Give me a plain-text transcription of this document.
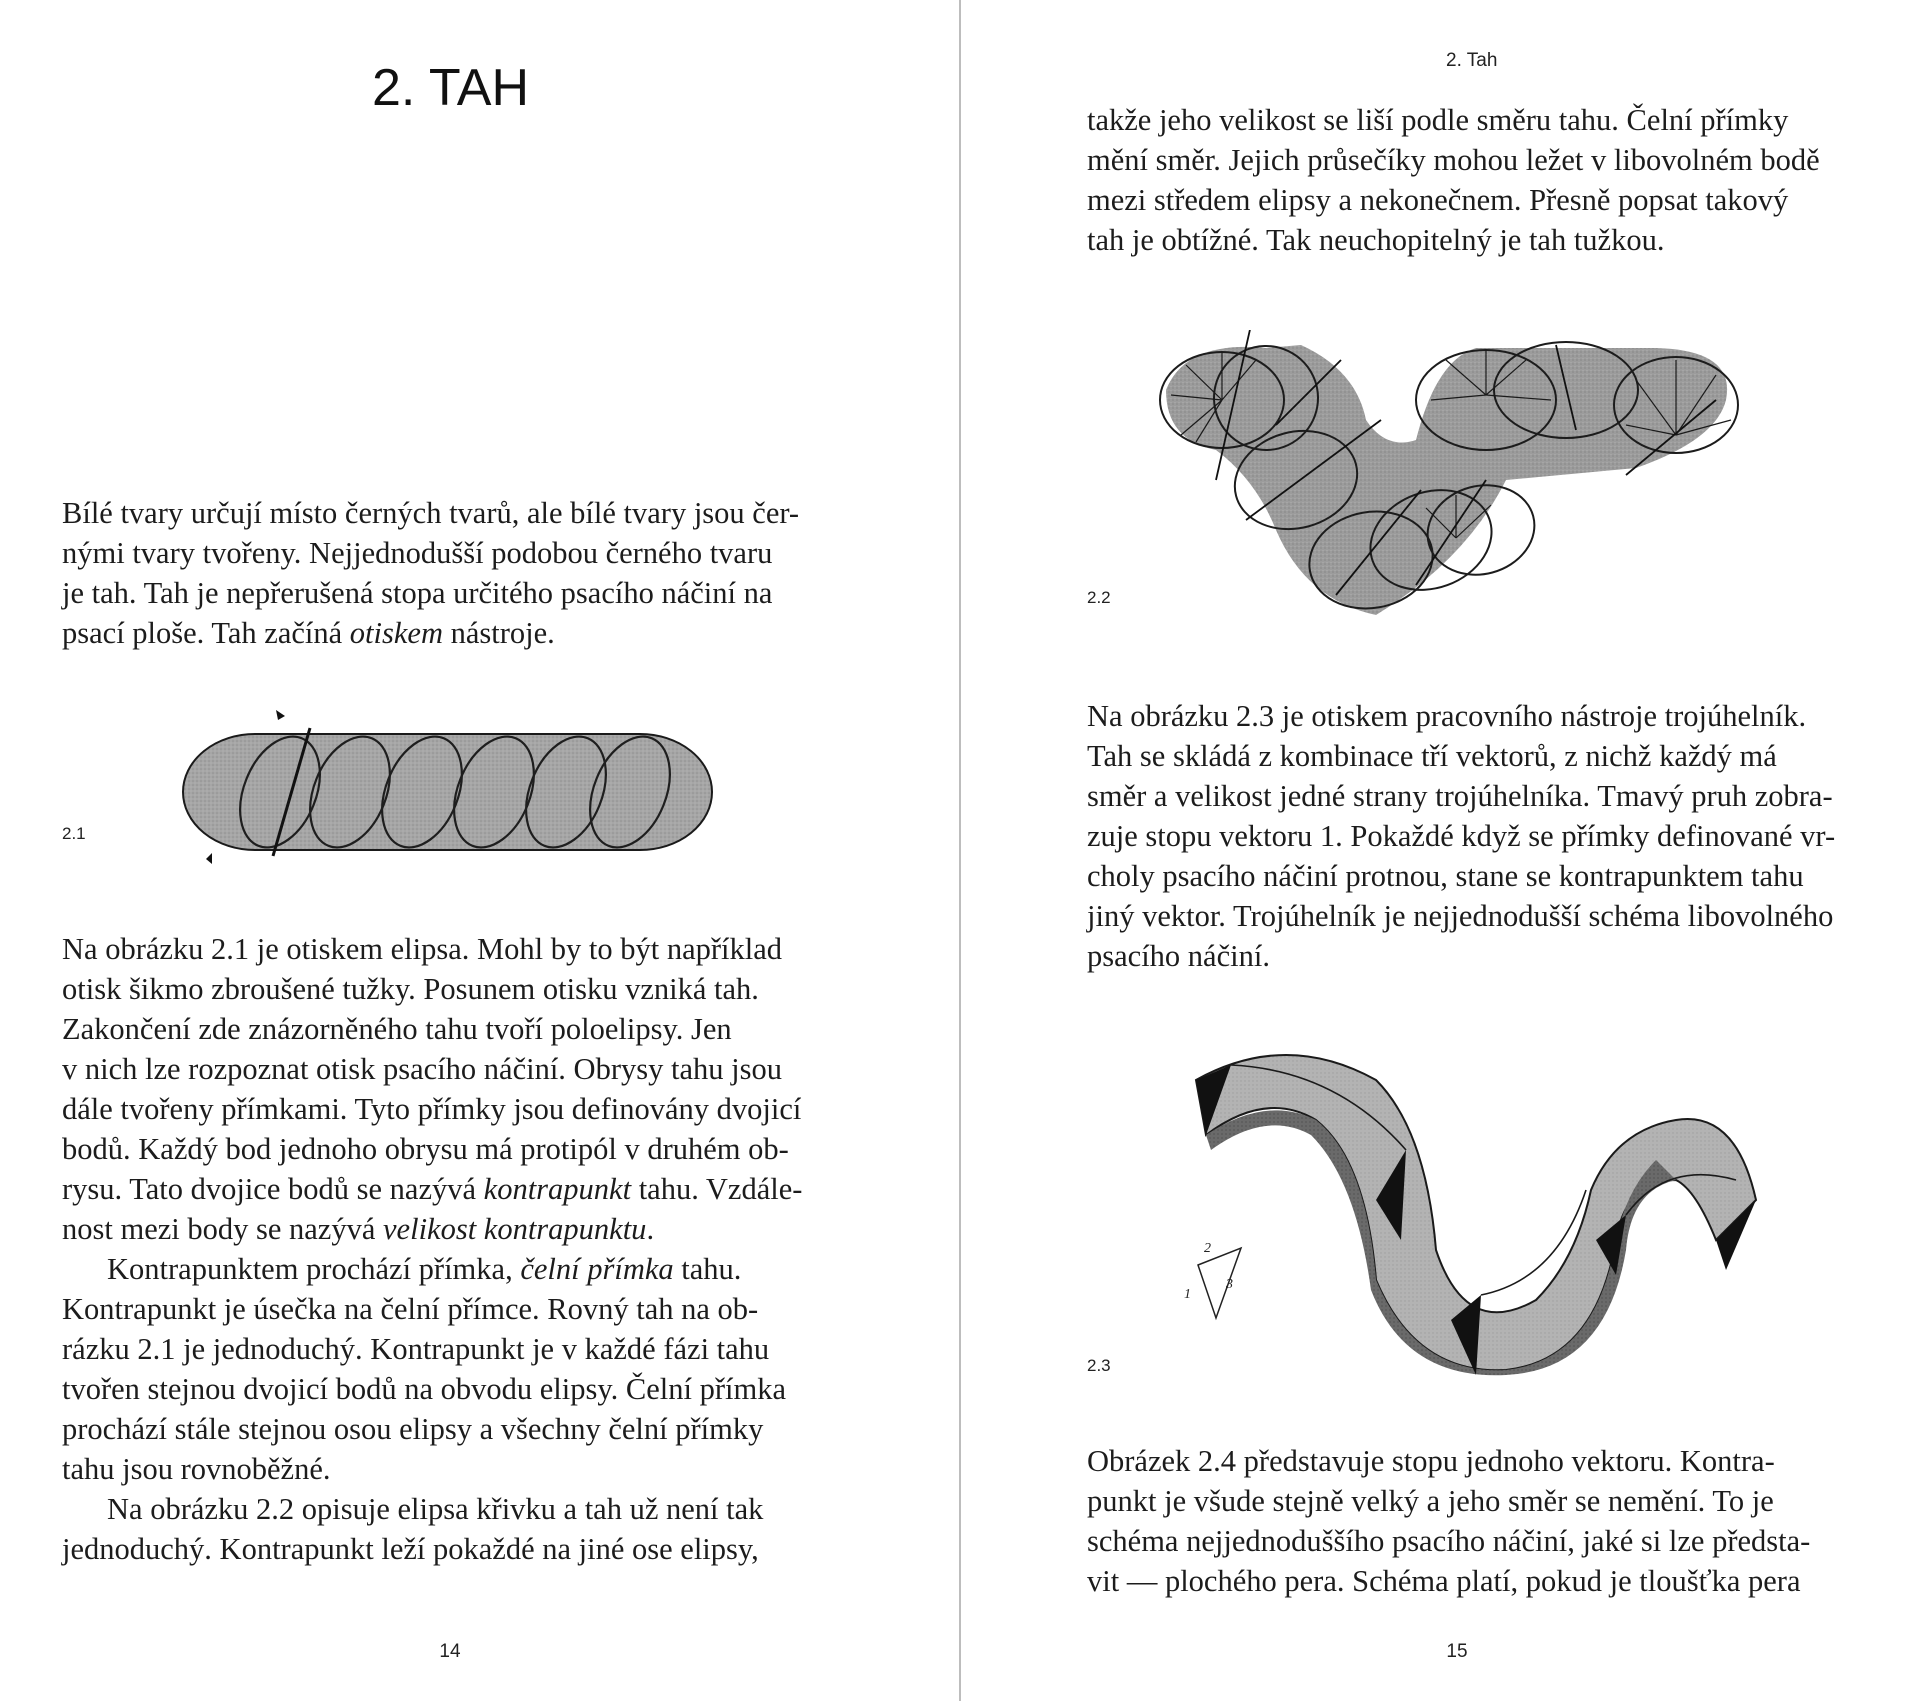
2. TAH
Bílé tvary určují místo černých tvarů, ale bílé tvary jsou čer-
nými tvary tvořeny. Nejjednodušší podobou černého tvaru
je tah. Tah je nepřerušená stopa určitého psacího náčiní na
psací ploše. Tah začíná otiskem nástroje.
2.1
Na obrázku 2.1 je otiskem elipsa. Mohl by to být například
otisk šikmo zbroušené tužky. Posunem otisku vzniká tah.
Zakončení zde znázorněného tahu tvoří poloelipsy. Jen
v nich lze rozpoznat otisk psacího náčiní. Obrysy tahu jsou
dále tvořeny přímkami. Tyto přímky jsou definovány dvojicí
bodů. Každý bod jednoho obrysu má protipól v druhém ob-
rysu. Tato dvojice bodů se nazývá kontrapunkt tahu. Vzdále-
nost mezi body se nazývá velikost kontrapunktu.
Kontrapunktem prochází přímka, čelní přímka tahu.
Kontrapunkt je úsečka na čelní přímce. Rovný tah na ob-
rázku 2.1 je jednoduchý. Kontrapunkt je v každé fázi tahu
tvořen stejnou dvojicí bodů na obvodu elipsy. Čelní přímka
prochází stále stejnou osou elipsy a všechny čelní přímky
tahu jsou rovnoběžné.
Na obrázku 2.2 opisuje elipsa křivku a tah už není tak
jednoduchý. Kontrapunkt leží pokaždé na jiné ose elipsy,
14
2. Tah
takže jeho velikost se liší podle směru tahu. Čelní přímky
mění směr. Jejich průsečíky mohou ležet v libovolném bodě
mezi středem elipsy a nekonečnem. Přesně popsat takový
tah je obtížné. Tak neuchopitelný je tah tužkou.
2.2
Na obrázku 2.3 je otiskem pracovního nástroje trojúhelník.
Tah se skládá z kombinace tří vektorů, z nichž každý má
směr a velikost jedné strany trojúhelníka. Tmavý pruh zobra-
zuje stopu vektoru 1. Pokaždé když se přímky definované vr-
choly psacího náčiní protnou, stane se kontrapunktem tahu
jiný vektor. Trojúhelník je nejjednodušší schéma libovolného
psacího náčiní.
1
2
3
2.3
Obrázek 2.4 představuje stopu jednoho vektoru. Kontra-
punkt je všude stejně velký a jeho směr se nemění. To je
schéma nejjednoduššího psacího náčiní, jaké si lze předsta-
vit — plochého pera. Schéma platí, pokud je tloušťka pera
15
